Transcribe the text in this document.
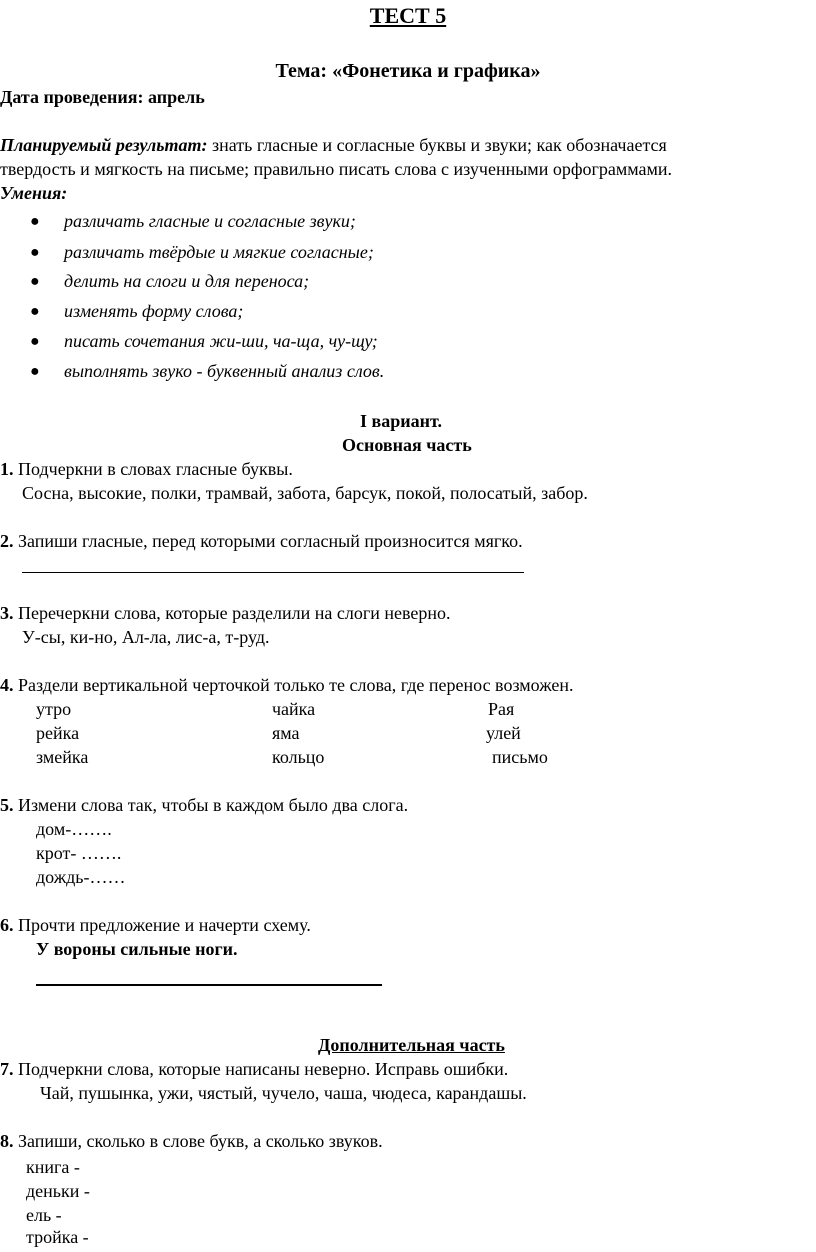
ТЕСТ 5
Тема: «Фонетика и графика»
Дата проведения: апрель
Планируемый результат: знать гласные и согласные буквы и звуки; как обозначается
твердость и мягкость на письме; правильно писать слова с изученными орфограммами.
Умения:
● различать гласные и согласные звуки;
● различать твёрдые и мягкие согласные;
● делить на слоги и для переноса;
● изменять форму слова;
● писать сочетания жи-ши, ча-ща, чу-щу;
● выполнять звуко - буквенный анализ слов.
I вариант.
Основная часть
1. Подчеркни в словах гласные буквы.
Сосна, высокие, полки, трамвай, забота, барсук, покой, полосатый, забор.
2. Запиши гласные, перед которыми согласный произносится мягко.
3. Перечеркни слова, которые разделили на слоги неверно.
У-сы, ки-но, Ал-ла, лис-а, т-руд.
4. Раздели вертикальной черточкой только те слова, где перенос возможен.
утро	чайка	Рая
рейка	яма	улей
змейка	кольцо	письмо
5. Измени слова так, чтобы в каждом было два слога.
дом-…….
крот- …….
дождь-……
6. Прочти предложение и начерти схему.
У вороны сильные ноги.
Дополнительная часть
7. Подчеркни слова, которые написаны неверно. Исправь ошибки.
Чай, пушынка, ужи, чястый, чучело, чаша, чюдеса, карандашы.
8. Запиши, сколько в слове букв, а сколько звуков.
книга -
деньки -
ель -
тройка -
